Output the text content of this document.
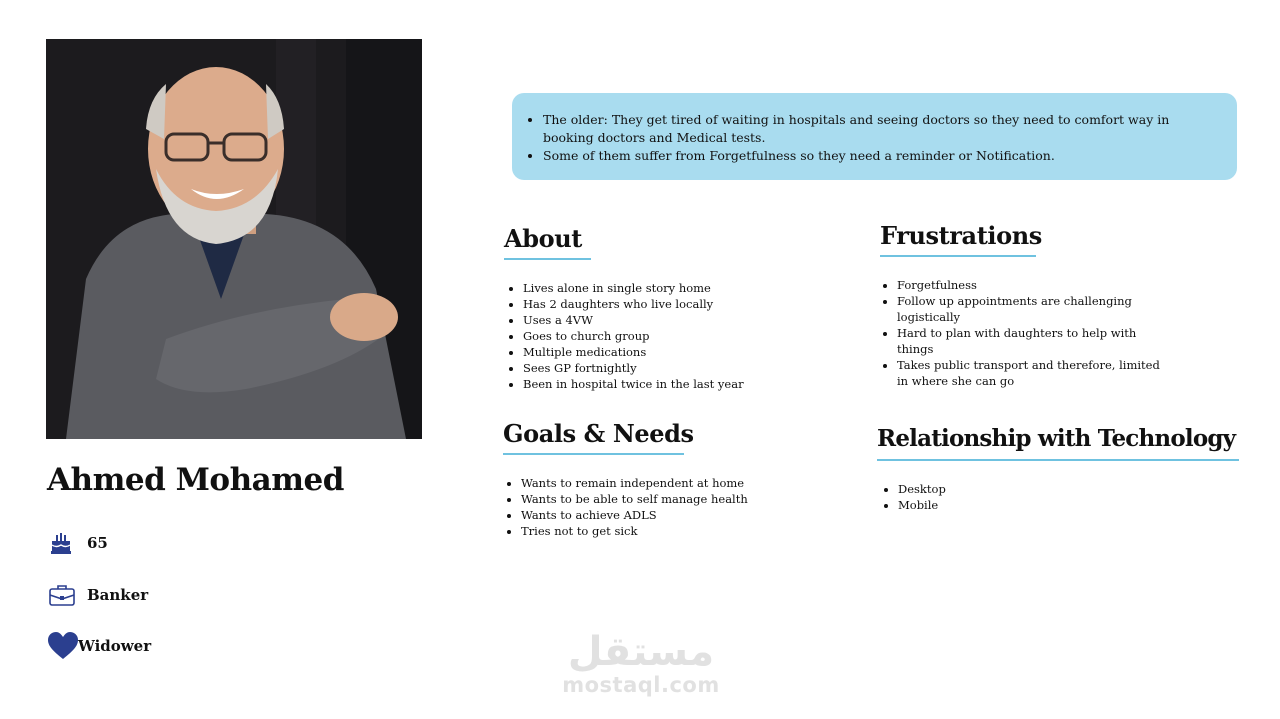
Ahmed Mohamed
65
Banker
Widower
• The older: They get tired of waiting in hospitals and seeing doctors so they need to comfort way in booking doctors and Medical tests.
• Some of them suffer from Forgetfulness so they need a reminder or Notification.
About
• Lives alone in single story home
• Has 2 daughters who live locally
• Uses a 4VW
• Goes to church group
• Multiple medications
• Sees GP fortnightly
• Been in hospital twice in the last year
Frustrations
• Forgetfulness
• Follow up appointments are challenging logistically
• Hard to plan with daughters to help with things
• Takes public transport and therefore, limited in where she can go
Goals & Needs
• Wants to remain independent at home
• Wants to be able to self manage health
• Wants to achieve ADLS
• Tries not to get sick
Relationship with Technology
• Desktop
• Mobile
مستقل
mostaql.com
